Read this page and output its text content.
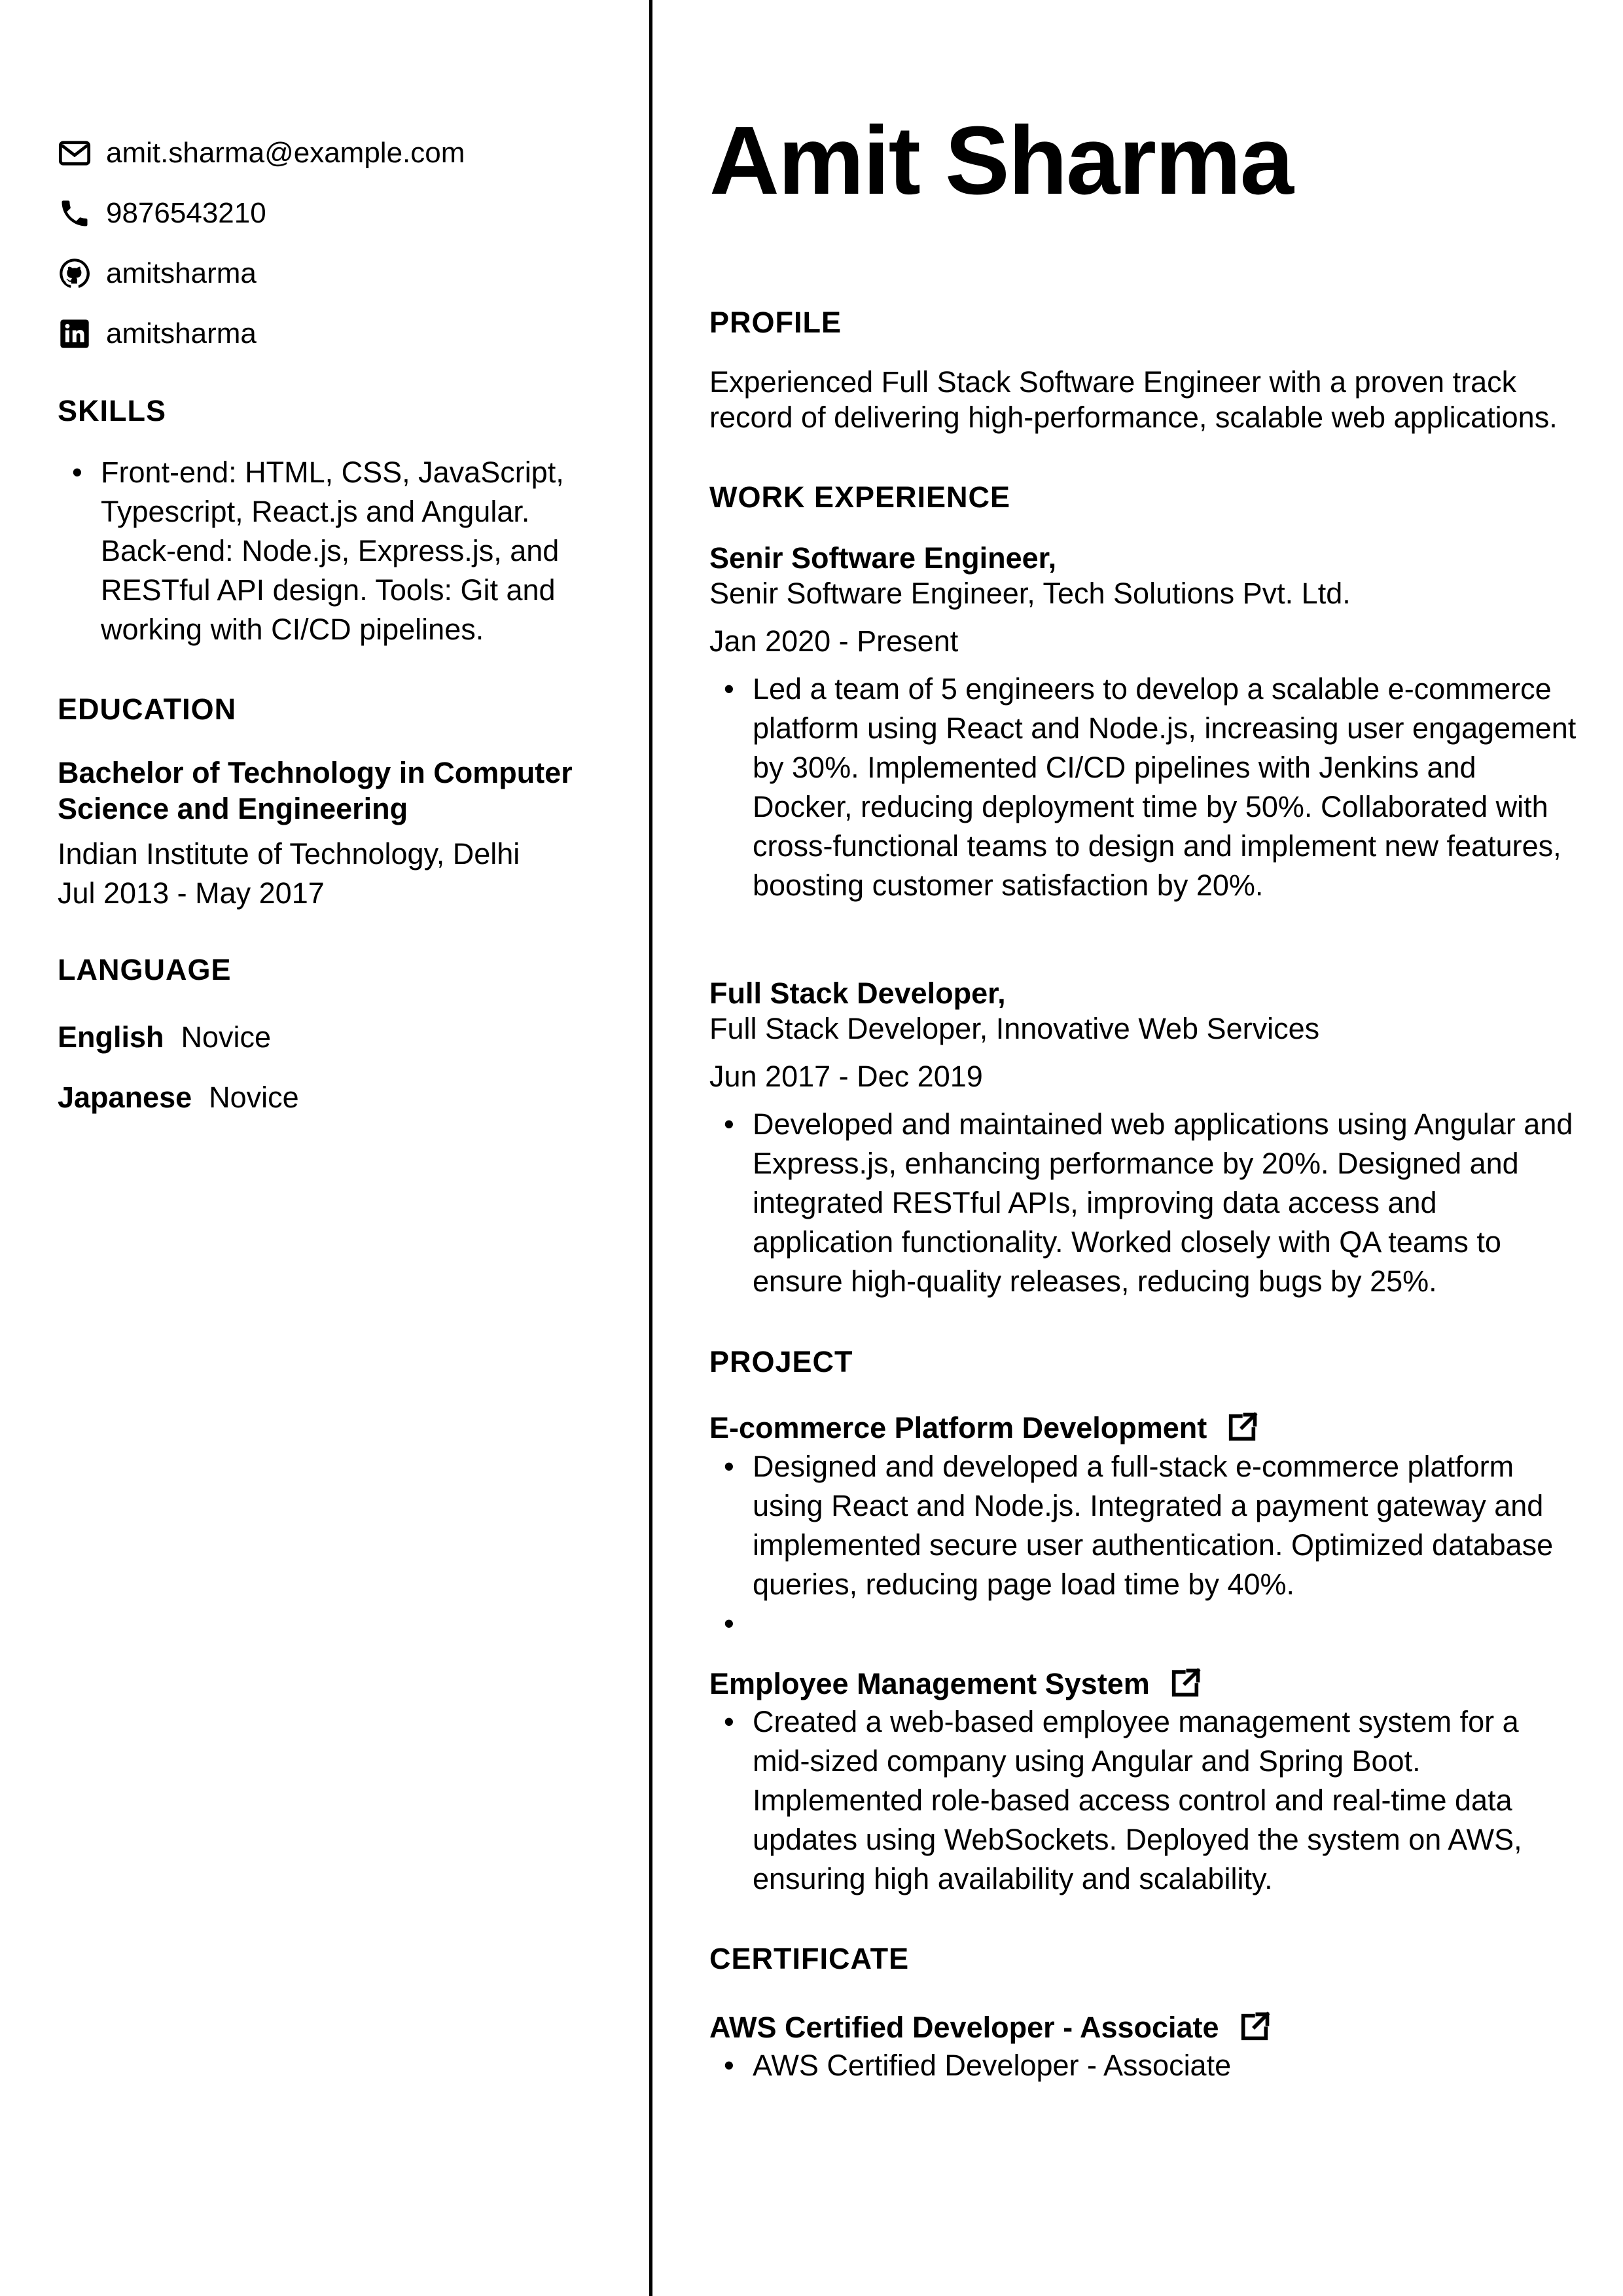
amit.sharma@example.com
9876543210
amitsharma
amitsharma
SKILLS
• Front-end: HTML, CSS, JavaScript, Typescript, React.js and Angular. Back-end: Node.js, Express.js, and RESTful API design. Tools: Git and working with CI/CD pipelines.
EDUCATION
Bachelor of Technology in Computer
Science and Engineering
Indian Institute of Technology, Delhi
Jul 2013 - May 2017
LANGUAGE
English Novice
Japanese Novice
Amit Sharma
PROFILE
Experienced Full Stack Software Engineer with a proven track record of delivering high-performance, scalable web applications.
WORK EXPERIENCE
Senir Software Engineer,
Senir Software Engineer, Tech Solutions Pvt. Ltd.
Jan 2020 - Present
• Led a team of 5 engineers to develop a scalable e-commerce platform using React and Node.js, increasing user engagement by 30%. Implemented CI/CD pipelines with Jenkins and Docker, reducing deployment time by 50%. Collaborated with cross-functional teams to design and implement new features, boosting customer satisfaction by 20%.
Full Stack Developer,
Full Stack Developer, Innovative Web Services
Jun 2017 - Dec 2019
• Developed and maintained web applications using Angular and Express.js, enhancing performance by 20%. Designed and integrated RESTful APIs, improving data access and application functionality. Worked closely with QA teams to ensure high-quality releases, reducing bugs by 25%.
PROJECT
E-commerce Platform Development
• Designed and developed a full-stack e-commerce platform using React and Node.js. Integrated a payment gateway and implemented secure user authentication. Optimized database queries, reducing page load time by 40%.
•
Employee Management System
• Created a web-based employee management system for a mid-sized company using Angular and Spring Boot. Implemented role-based access control and real-time data updates using WebSockets. Deployed the system on AWS, ensuring high availability and scalability.
CERTIFICATE
AWS Certified Developer - Associate
• AWS Certified Developer - Associate
